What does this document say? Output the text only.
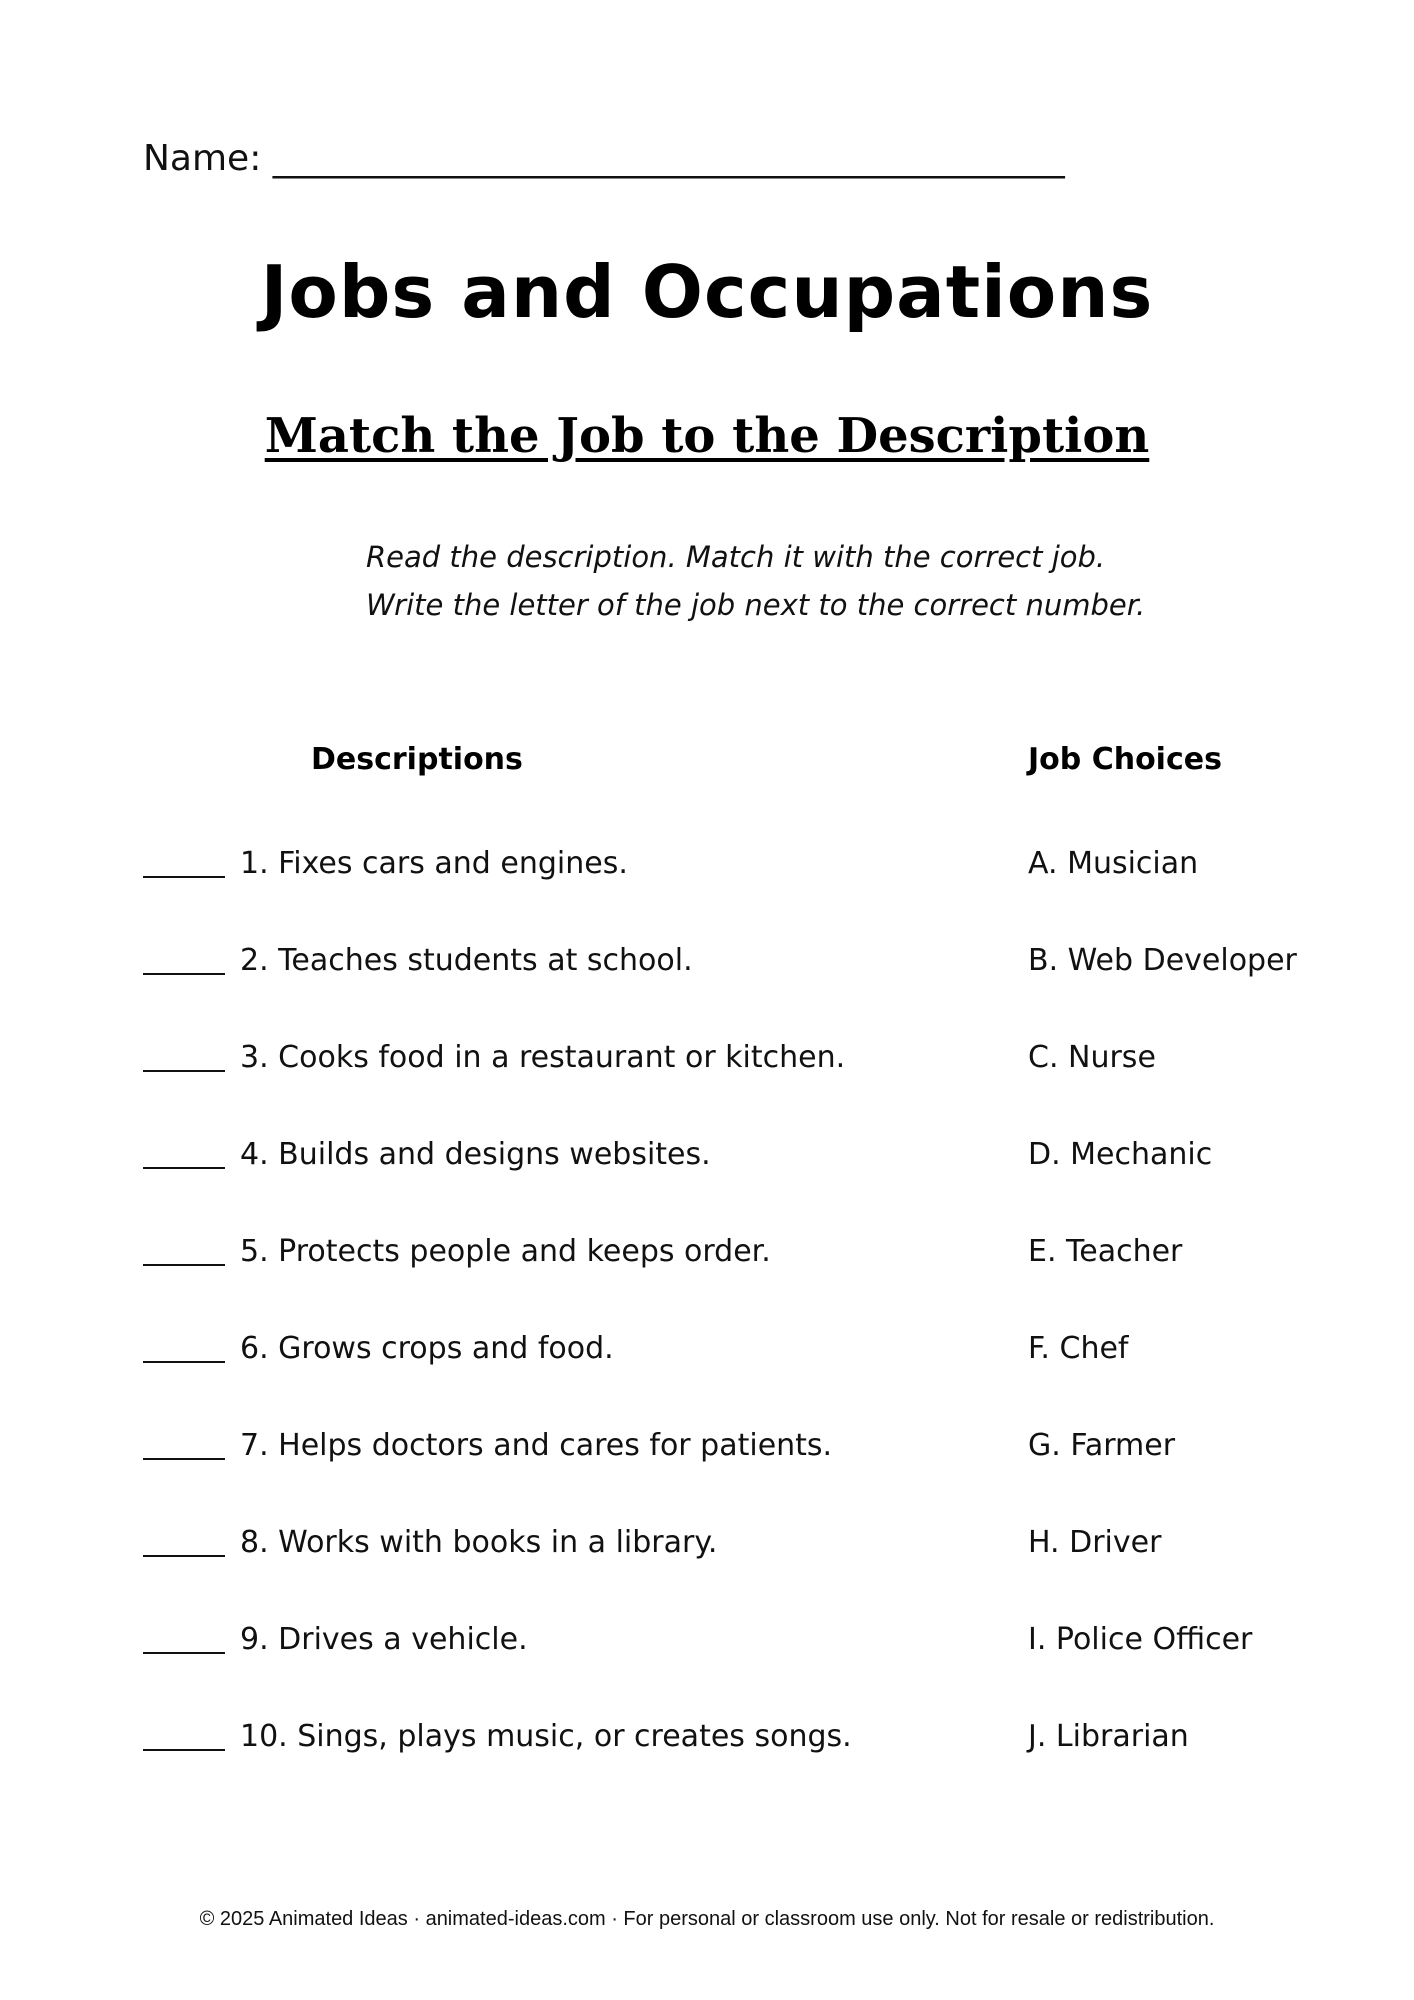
Name: ____________________________________________
Jobs and Occupations
Match the Job to the Description
Read the description. Match it with the correct job.
Write the letter of the job next to the correct number.
Descriptions	Job Choices
1. Fixes cars and engines.	A. Musician
2. Teaches students at school.	B. Web Developer
3. Cooks food in a restaurant or kitchen.	C. Nurse
4. Builds and designs websites.	D. Mechanic
5. Protects people and keeps order.	E. Teacher
6. Grows crops and food.	F. Chef
7. Helps doctors and cares for patients.	G. Farmer
8. Works with books in a library.	H. Driver
9. Drives a vehicle.	I. Police Officer
10. Sings, plays music, or creates songs.	J. Librarian
© 2025 Animated Ideas · animated-ideas.com · For personal or classroom use only. Not for resale or redistribution.
